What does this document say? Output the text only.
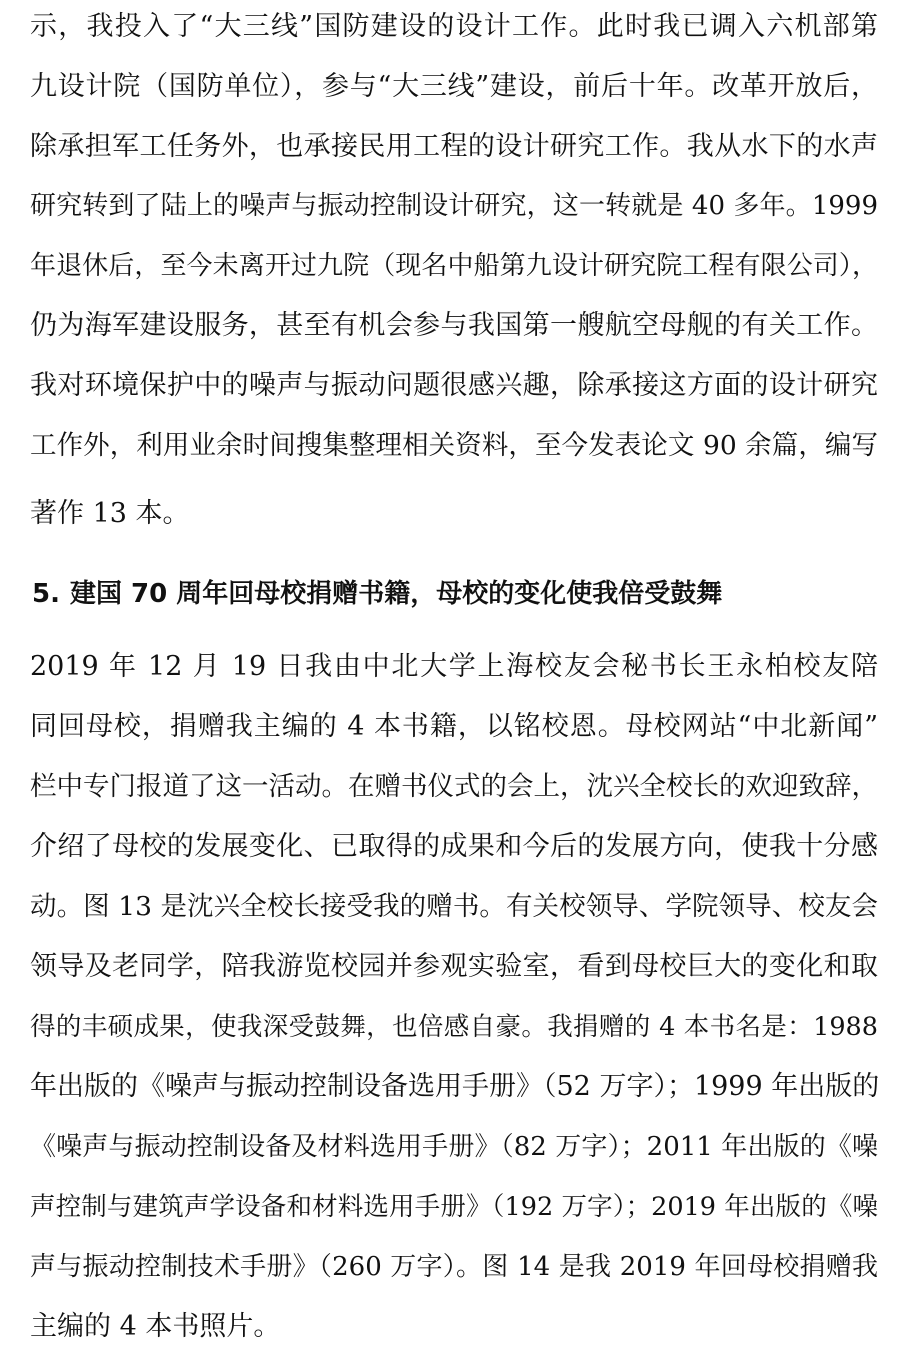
示，我投入了“大三线”国防建设的设计工作。此时我已调入六机部第
九设计院（国防单位），参与“大三线”建设，前后十年。改革开放后，
除承担军工任务外，也承接民用工程的设计研究工作。我从水下的水声
研究转到了陆上的噪声与振动控制设计研究，这一转就是 40 多年。1999
年退休后，至今未离开过九院（现名中船第九设计研究院工程有限公司），
仍为海军建设服务，甚至有机会参与我国第一艘航空母舰的有关工作。
我对环境保护中的噪声与振动问题很感兴趣，除承接这方面的设计研究
工作外，利用业余时间搜集整理相关资料，至今发表论文 90 余篇，编写
著作 13 本。
5. 建国 70 周年回母校捐赠书籍，母校的变化使我倍受鼓舞
2019 年 12 月 19 日我由中北大学上海校友会秘书长王永柏校友陪
同回母校，捐赠我主编的 4 本书籍，以铭校恩。母校网站“中北新闻”
栏中专门报道了这一活动。在赠书仪式的会上，沈兴全校长的欢迎致辞，
介绍了母校的发展变化、已取得的成果和今后的发展方向，使我十分感
动。图 13 是沈兴全校长接受我的赠书。有关校领导、学院领导、校友会
领导及老同学，陪我游览校园并参观实验室，看到母校巨大的变化和取
得的丰硕成果，使我深受鼓舞，也倍感自豪。我捐赠的 4 本书名是：1988
年出版的《噪声与振动控制设备选用手册》（52 万字）；1999 年出版的
《噪声与振动控制设备及材料选用手册》（82 万字）；2011 年出版的《噪
声控制与建筑声学设备和材料选用手册》（192 万字）；2019 年出版的《噪
声与振动控制技术手册》（260 万字）。图 14 是我 2019 年回母校捐赠我
主编的 4 本书照片。
